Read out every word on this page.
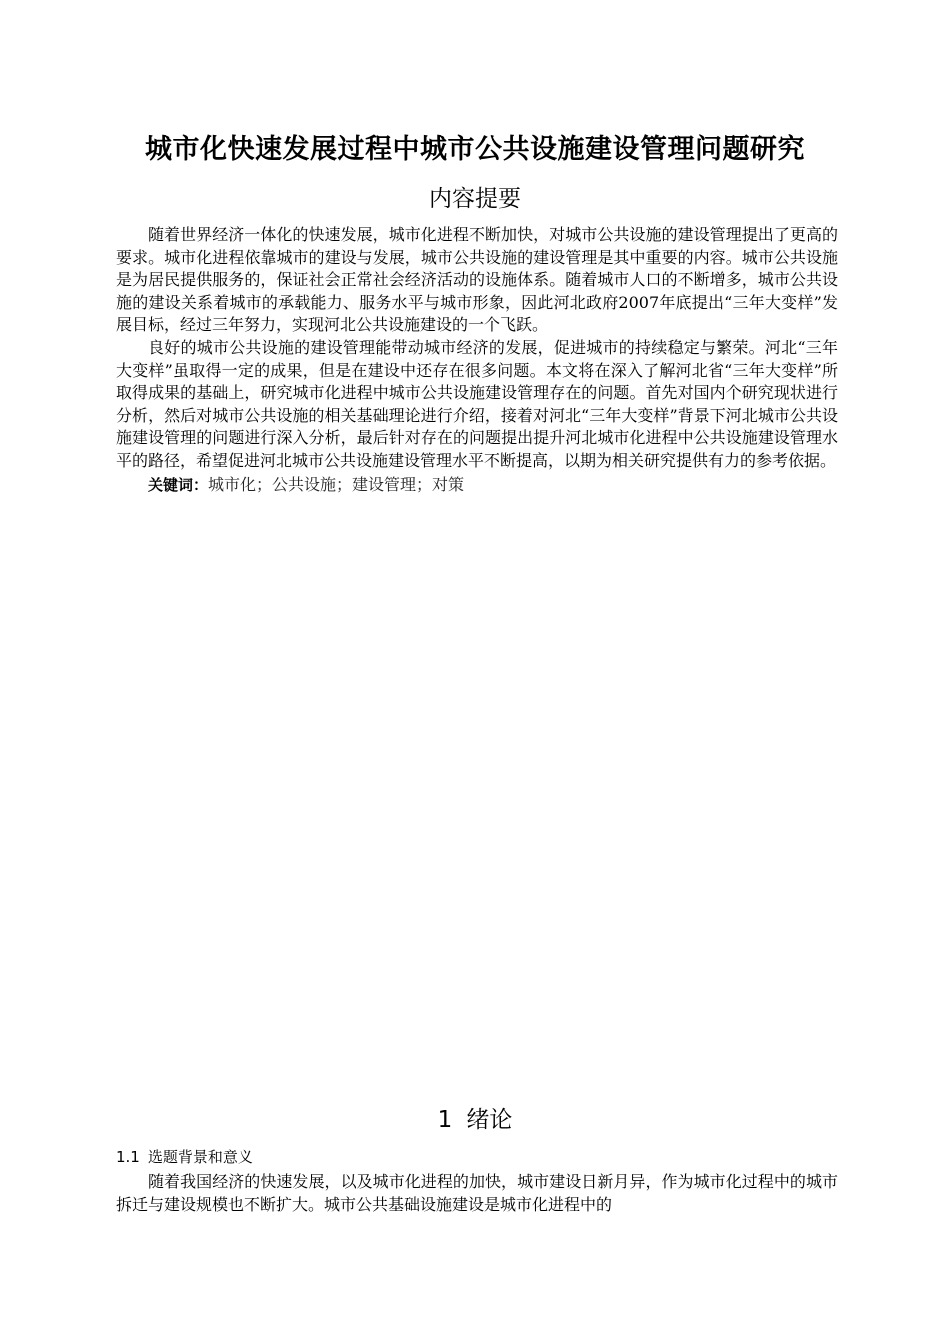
城市化快速发展过程中城市公共设施建设管理问题研究
内容提要

随着世界经济一体化的快速发展，城市化进程不断加快，对城市公共设施的建设管理提出了更高的要求。城市化进程依靠城市的建设与发展，城市公共设施的建设管理是其中重要的内容。城市公共设施是为居民提供服务的，保证社会正常社会经济活动的设施体系。随着城市人口的不断增多，城市公共设施的建设关系着城市的承载能力、服务水平与城市形象，因此河北政府2007年底提出“三年大变样”发展目标，经过三年努力，实现河北公共设施建设的一个飞跃。

良好的城市公共设施的建设管理能带动城市经济的发展，促进城市的持续稳定与繁荣。河北“三年大变样”虽取得一定的成果，但是在建设中还存在很多问题。本文将在深入了解河北省“三年大变样”所取得成果的基础上，研究城市化进程中城市公共设施建设管理存在的问题。首先对国内个研究现状进行分析，然后对城市公共设施的相关基础理论进行介绍，接着对河北“三年大变样”背景下河北城市公共设施建设管理的问题进行深入分析，最后针对存在的问题提出提升河北城市化进程中公共设施建设管理水平的路径，希望促进河北城市公共设施建设管理水平不断提高，以期为相关研究提供有力的参考依据。

关键词：城市化；公共设施；建设管理；对策

1 绪论
1.1 选题背景和意义

随着我国经济的快速发展，以及城市化进程的加快，城市建设日新月异，作为城市化过程中的城市拆迁与建设规模也不断扩大。城市公共基础设施建设是城市化进程中的
